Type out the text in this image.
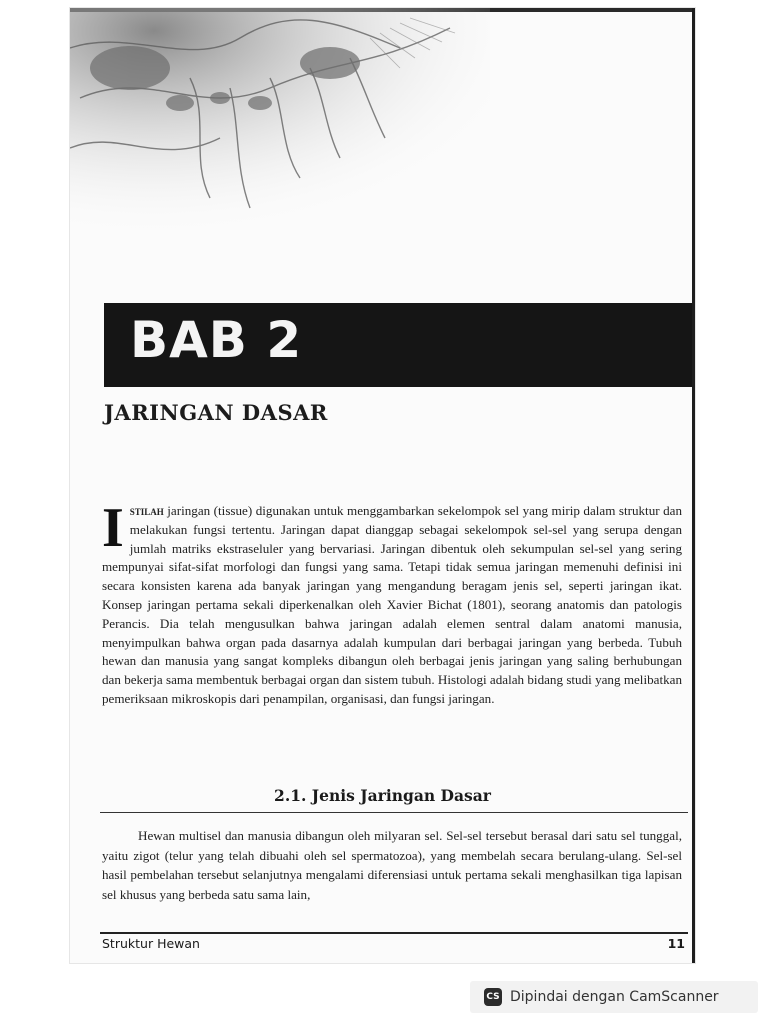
BAB 2
JARINGAN DASAR

Istilah jaringan (tissue) digunakan untuk menggambarkan sekelompok sel yang mirip dalam struktur dan melakukan fungsi tertentu. Jaringan dapat dianggap sebagai sekelompok sel-sel yang serupa dengan jumlah matriks ekstraseluler yang bervariasi. Jaringan dibentuk oleh sekumpulan sel-sel yang sering mempunyai sifat-sifat morfologi dan fungsi yang sama. Tetapi tidak semua jaringan memenuhi definisi ini secara konsisten karena ada banyak jaringan yang mengandung beragam jenis sel, seperti jaringan ikat. Konsep jaringan pertama sekali diperkenalkan oleh Xavier Bichat (1801), seorang anatomis dan patologis Perancis. Dia telah mengusulkan bahwa jaringan adalah elemen sentral dalam anatomi manusia, menyimpulkan bahwa organ pada dasarnya adalah kumpulan dari berbagai jaringan yang berbeda. Tubuh hewan dan manusia yang sangat kompleks dibangun oleh berbagai jenis jaringan yang saling berhubungan dan bekerja sama membentuk berbagai organ dan sistem tubuh. Histologi adalah bidang studi yang melibatkan pemeriksaan mikroskopis dari penampilan, organisasi, dan fungsi jaringan.

2.1. Jenis Jaringan Dasar

Hewan multisel dan manusia dibangun oleh milyaran sel. Sel-sel tersebut berasal dari satu sel tunggal, yaitu zigot (telur yang telah dibuahi oleh sel spermatozoa), yang membelah secara berulang-ulang. Sel-sel hasil pembelahan tersebut selanjutnya mengalami diferensiasi untuk pertama sekali menghasilkan tiga lapisan sel khusus yang berbeda satu sama lain,

Struktur Hewan	11
CS Dipindai dengan CamScanner
